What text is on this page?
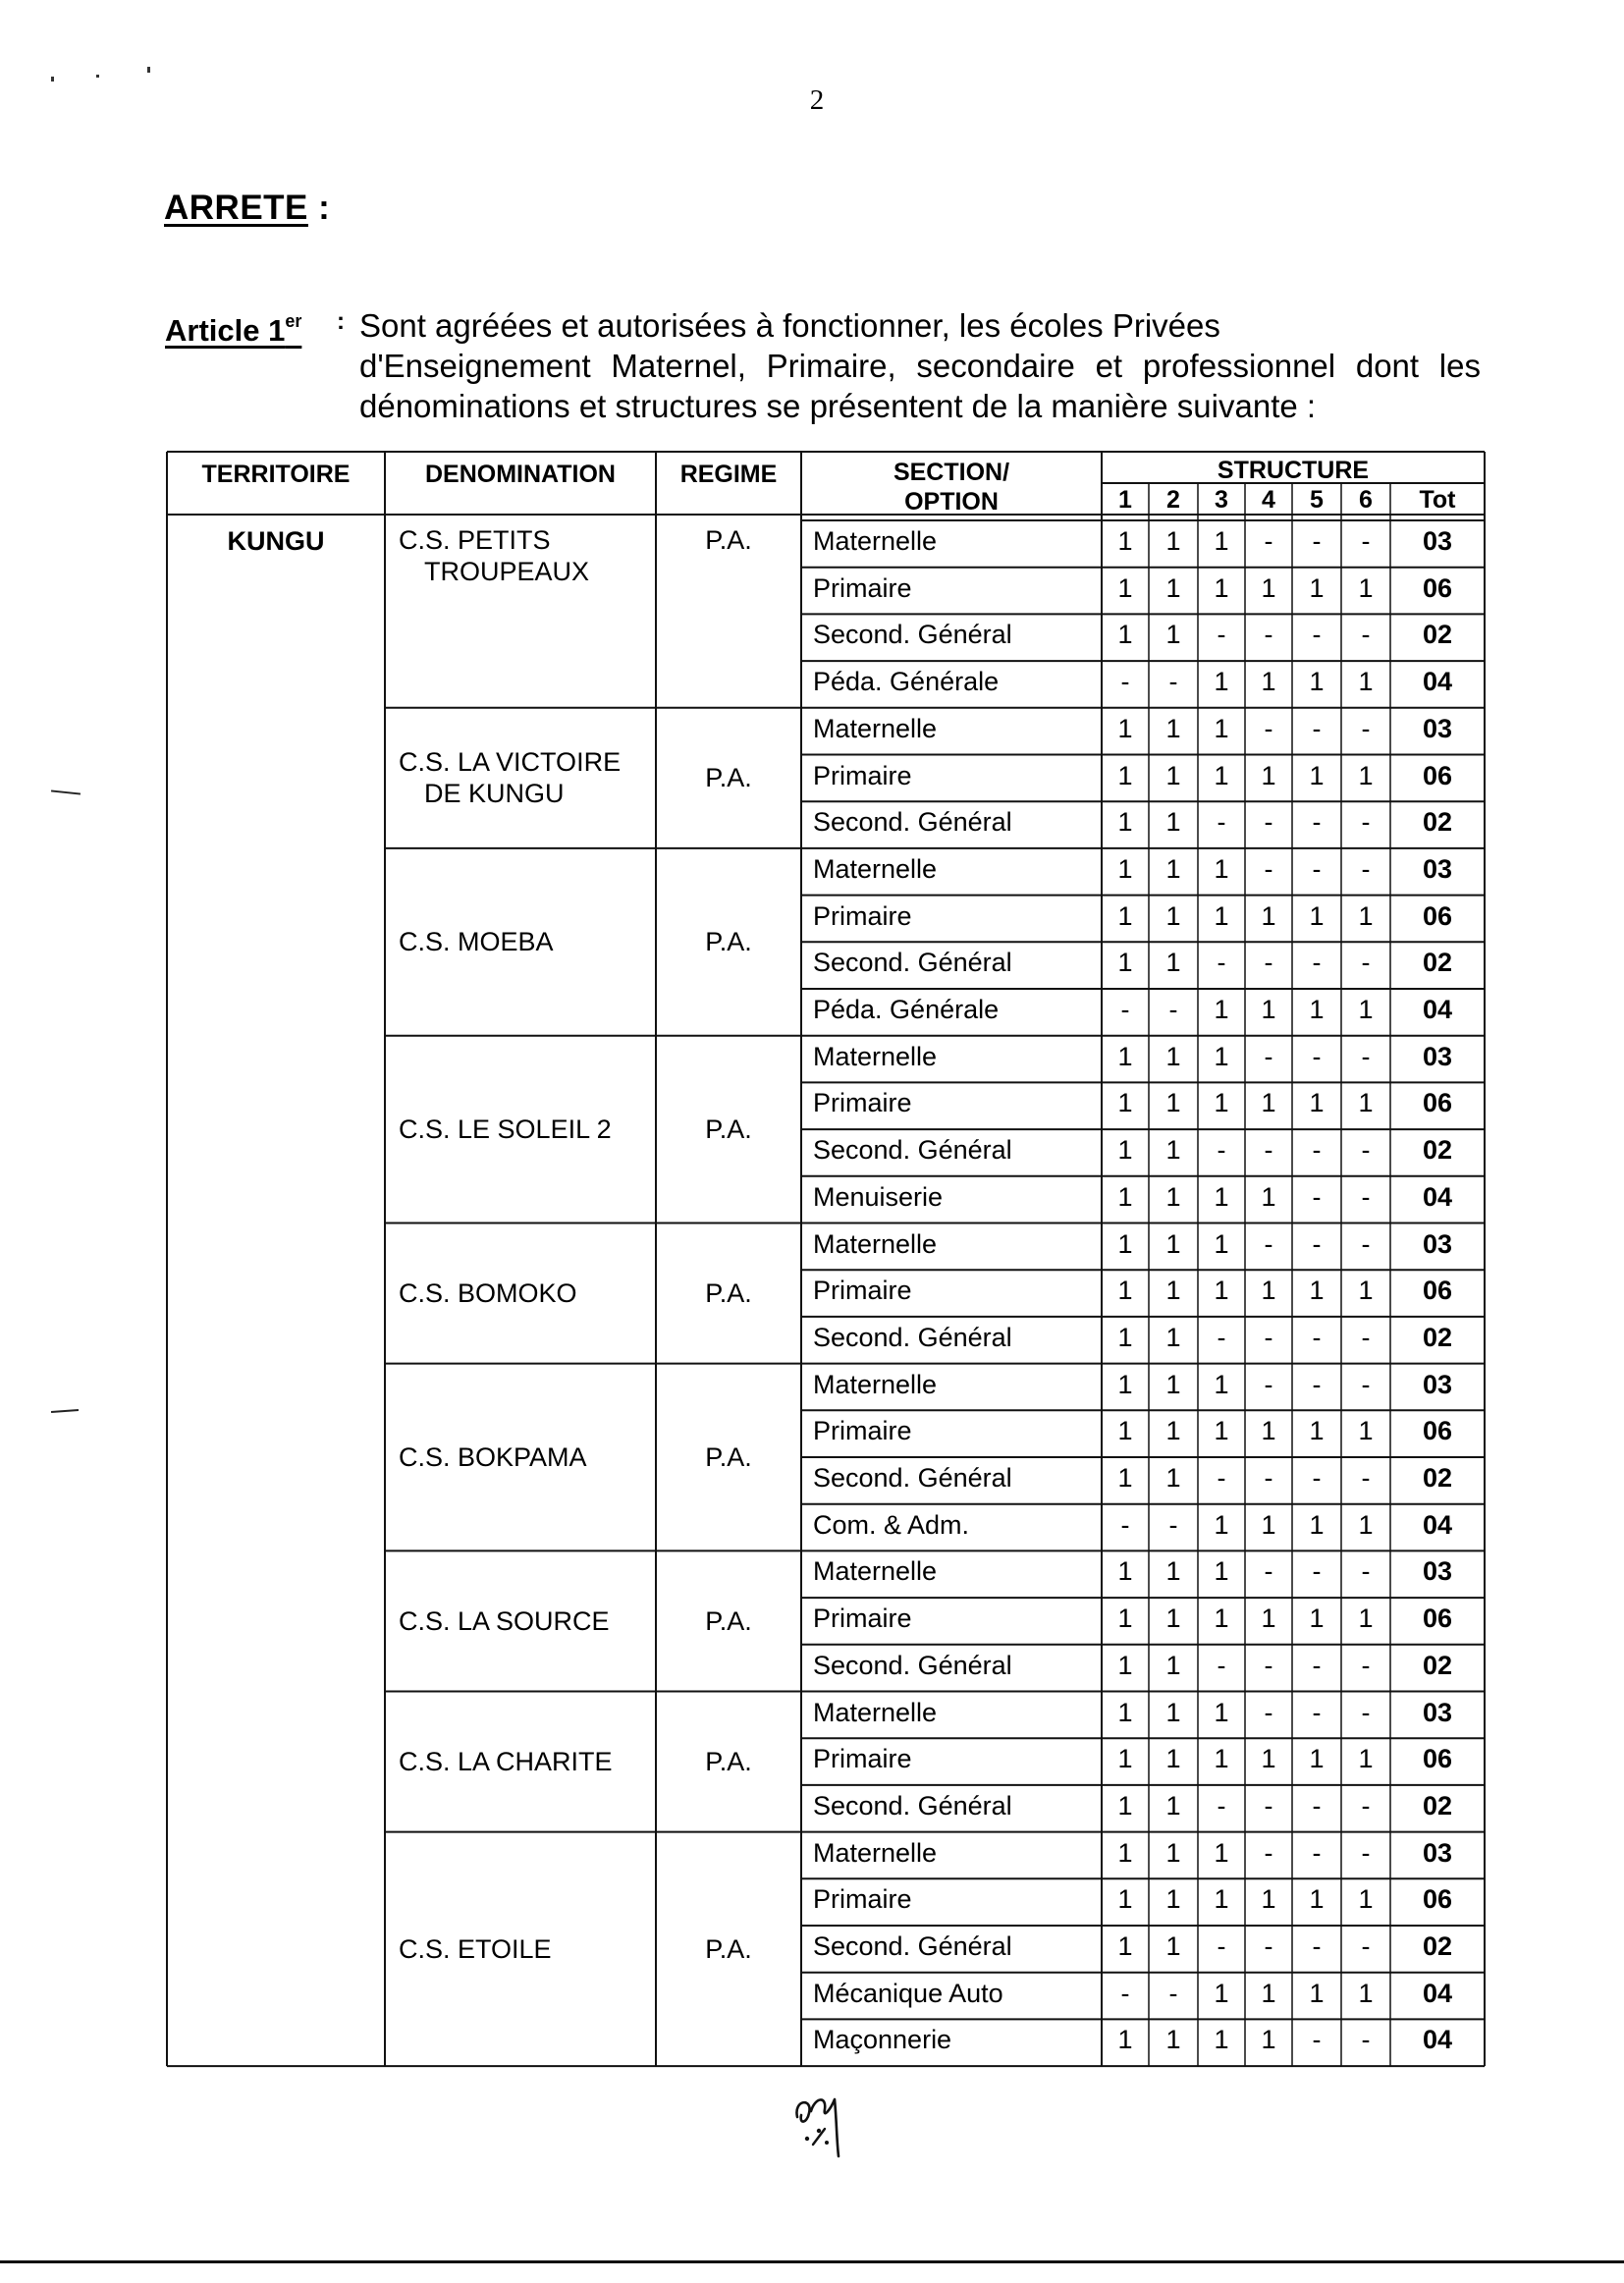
2
ARRETE :
Article 1er : Sont agréées et autorisées à fonctionner, les écoles Privées
d'Enseignement Maternel, Primaire, secondaire et professionnel dont les
dénominations et structures se présentent de la manière suivante :
TERRITOIRE	DENOMINATION	REGIME	SECTION/
OPTION
STRUCTURE
1	2	3	4	5	6	Tot
KUNGU	C.S. PETITS
TROUPEAUX
P.A.	Maternelle	1	1	1	-	-	-	03
Primaire	1	1	1	1	1	1	06
Second. Général	1	1	-	-	-	-	02
Péda. Générale	-	-	1	1	1	1	04
C.S. LA VICTOIRE
DE KUNGU
P.A.
Maternelle	1	1	1	-	-	-	03
Primaire	1	1	1	1	1	1	06
Second. Général	1	1	-	-	-	-	02
C.S. MOEBA	P.A.
Maternelle	1	1	1	-	-	-	03
Primaire	1	1	1	1	1	1	06
Second. Général	1	1	-	-	-	-	02
Péda. Générale	-	-	1	1	1	1	04
C.S. LE SOLEIL 2	P.A.
Maternelle	1	1	1	-	-	-	03
Primaire	1	1	1	1	1	1	06
Second. Général	1	1	-	-	-	-	02
Menuiserie	1	1	1	1	-	-	04
C.S. BOMOKO	P.A.
Maternelle	1	1	1	-	-	-	03
Primaire	1	1	1	1	1	1	06
Second. Général	1	1	-	-	-	-	02
C.S. BOKPAMA	P.A.
Maternelle	1	1	1	-	-	-	03
Primaire	1	1	1	1	1	1	06
Second. Général	1	1	-	-	-	-	02
Com. & Adm.	-	-	1	1	1	1	04
C.S. LA SOURCE	P.A.
Maternelle	1	1	1	-	-	-	03
Primaire	1	1	1	1	1	1	06
Second. Général	1	1	-	-	-	-	02
C.S. LA CHARITE	P.A.
Maternelle	1	1	1	-	-	-	03
Primaire	1	1	1	1	1	1	06
Second. Général	1	1	-	-	-	-	02
C.S. ETOILE	P.A.
Maternelle	1	1	1	-	-	-	03
Primaire	1	1	1	1	1	1	06
Second. Général	1	1	-	-	-	-	02
Mécanique Auto	-	-	1	1	1	1	04
Maçonnerie	1	1	1	1	-	-	04
